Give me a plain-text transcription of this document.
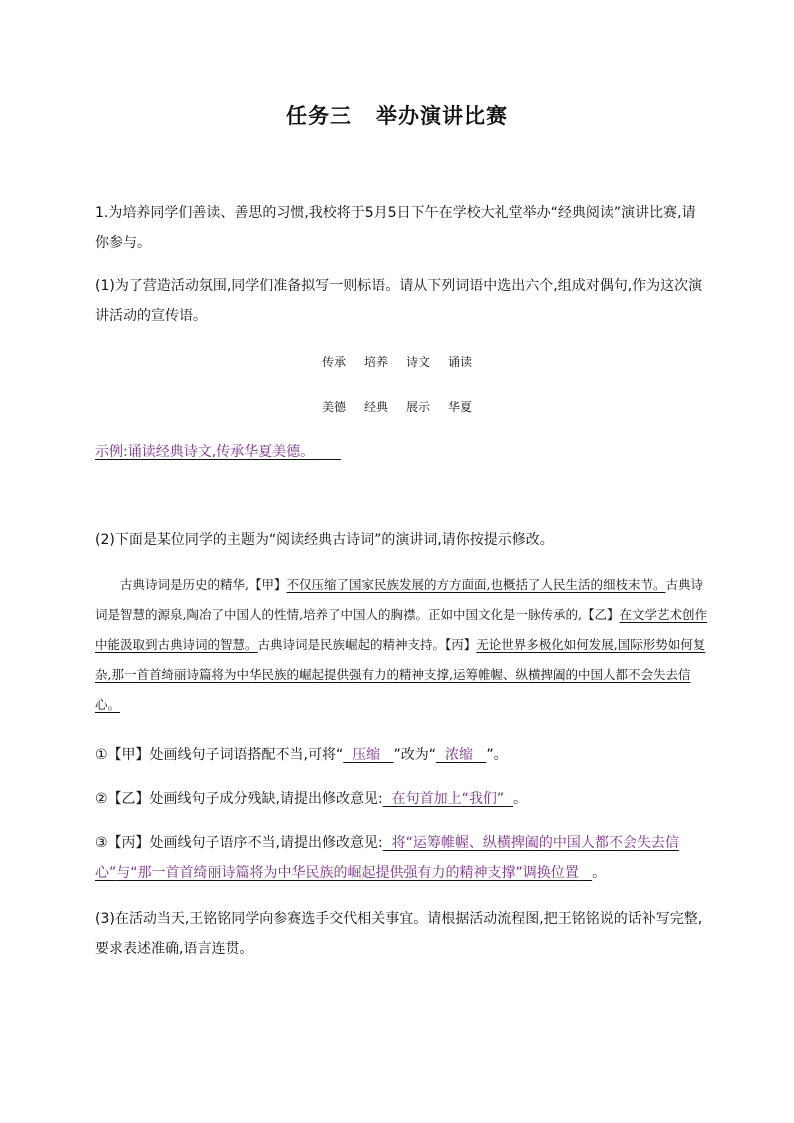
任务三 举办演讲比赛
1.为培养同学们善读、善思的习惯,我校将于5月5日下午在学校大礼堂举办“经典阅读”演讲比赛,请你参与。
(1)为了营造活动氛围,同学们准备拟写一则标语。请从下列词语中选出六个,组成对偶句,作为这次演讲活动的宣传语。
传承 培养 诗文 诵读
美德 经典 展示 华夏
示例:诵读经典诗文,传承华夏美德。
(2)下面是某位同学的主题为“阅读经典古诗词”的演讲词,请你按提示修改。
古典诗词是历史的精华,【甲】不仅压缩了国家民族发展的方方面面,也概括了人民生活的细枝末节。古典诗词是智慧的源泉,陶冶了中国人的性情,培养了中国人的胸襟。正如中国文化是一脉传承的,【乙】在文学艺术创作中能汲取到古典诗词的智慧。古典诗词是民族崛起的精神支持。【丙】无论世界多极化如何发展,国际形势如何复杂,那一首首绮丽诗篇将为中华民族的崛起提供强有力的精神支撑,运筹帷幄、纵横捭阖的中国人都不会失去信心。
①【甲】处画线句子词语搭配不当,可将“ 压缩 ”改为“ 浓缩 ”。
②【乙】处画线句子成分残缺,请提出修改意见: 在句首加上“我们” 。
③【丙】处画线句子语序不当,请提出修改意见: 将“运筹帷幄、纵横捭阖的中国人都不会失去信心”与“那一首首绮丽诗篇将为中华民族的崛起提供强有力的精神支撑”调换位置 。
(3)在活动当天,王铭铭同学向参赛选手交代相关事宜。请根据活动流程图,把王铭铭说的话补写完整,要求表述准确,语言连贯。
